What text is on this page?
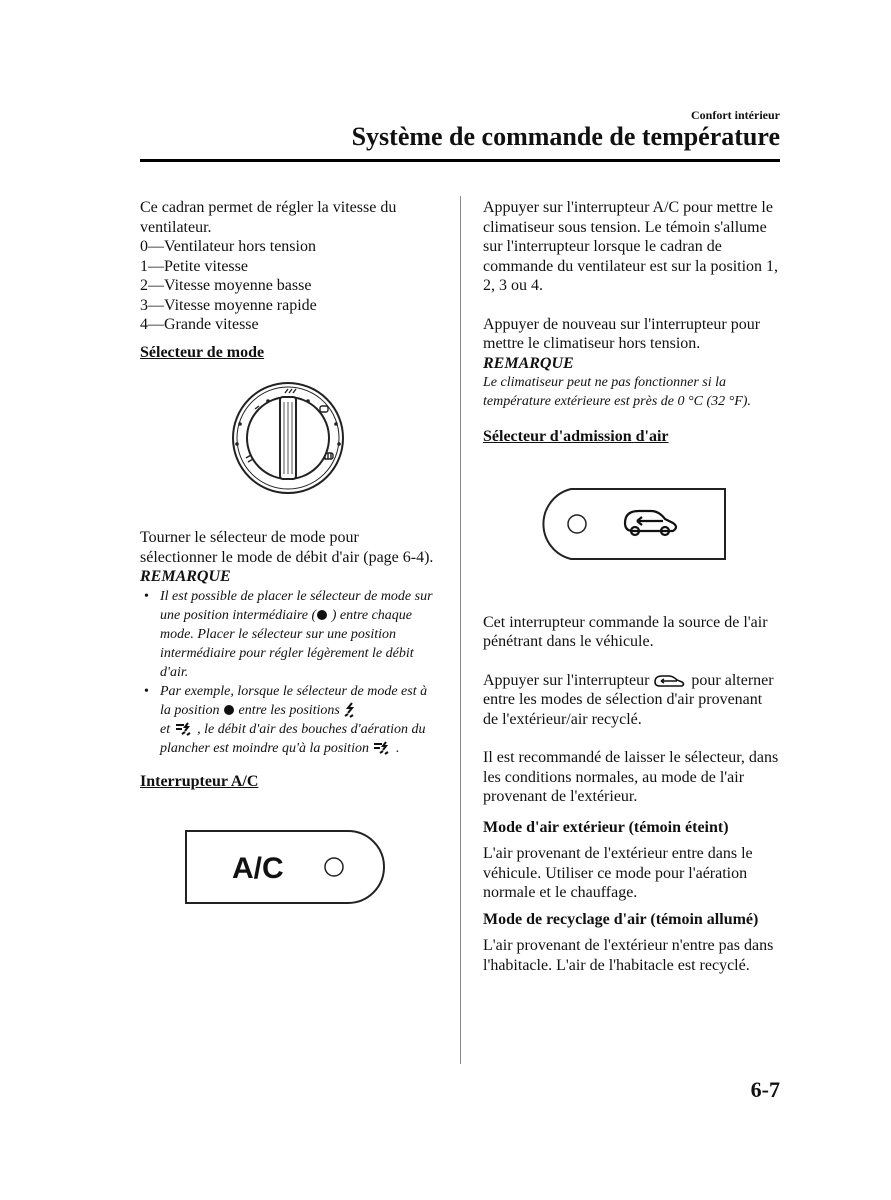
Confort intérieur
Système de commande de température

Ce cadran permet de régler la vitesse du ventilateur.

0―Ventilateur hors tension

1―Petite vitesse

2―Vitesse moyenne basse

3―Vitesse moyenne rapide

4―Grande vitesse

Sélecteur de mode

Tourner le sélecteur de mode pour sélectionner le mode de débit d'air (page 6-4).

REMARQUE

• Il est possible de placer le sélecteur de mode sur une position intermédiaire ( ) entre chaque mode. Placer le sélecteur sur une position intermédiaire pour régler légèrement le débit d'air.
• Par exemple, lorsque le sélecteur de mode est à la position  entre les positions
et  , le débit d'air des bouches d'aération du plancher est moindre qu'à la position  .

Interrupteur A/C

A/C

Appuyer sur l'interrupteur A/C pour mettre le climatiseur sous tension. Le témoin s'allume sur l'interrupteur lorsque le cadran de commande du ventilateur est sur la position 1, 2, 3 ou 4.

Appuyer de nouveau sur l'interrupteur pour mettre le climatiseur hors tension.

REMARQUE

Le climatiseur peut ne pas fonctionner si la température extérieure est près de 0 °C (32 °F).

Sélecteur d'admission d'air

Cet interrupteur commande la source de l'air pénétrant dans le véhicule.

Appuyer sur l'interrupteur  pour alterner entre les modes de sélection d'air provenant de l'extérieur/air recyclé.

Il est recommandé de laisser le sélecteur, dans les conditions normales, au mode de l'air provenant de l'extérieur.

Mode d'air extérieur (témoin éteint)

L'air provenant de l'extérieur entre dans le véhicule. Utiliser ce mode pour l'aération normale et le chauffage.

Mode de recyclage d'air (témoin allumé)

L'air provenant de l'extérieur n'entre pas dans l'habitacle. L'air de l'habitacle est recyclé.

6-7
